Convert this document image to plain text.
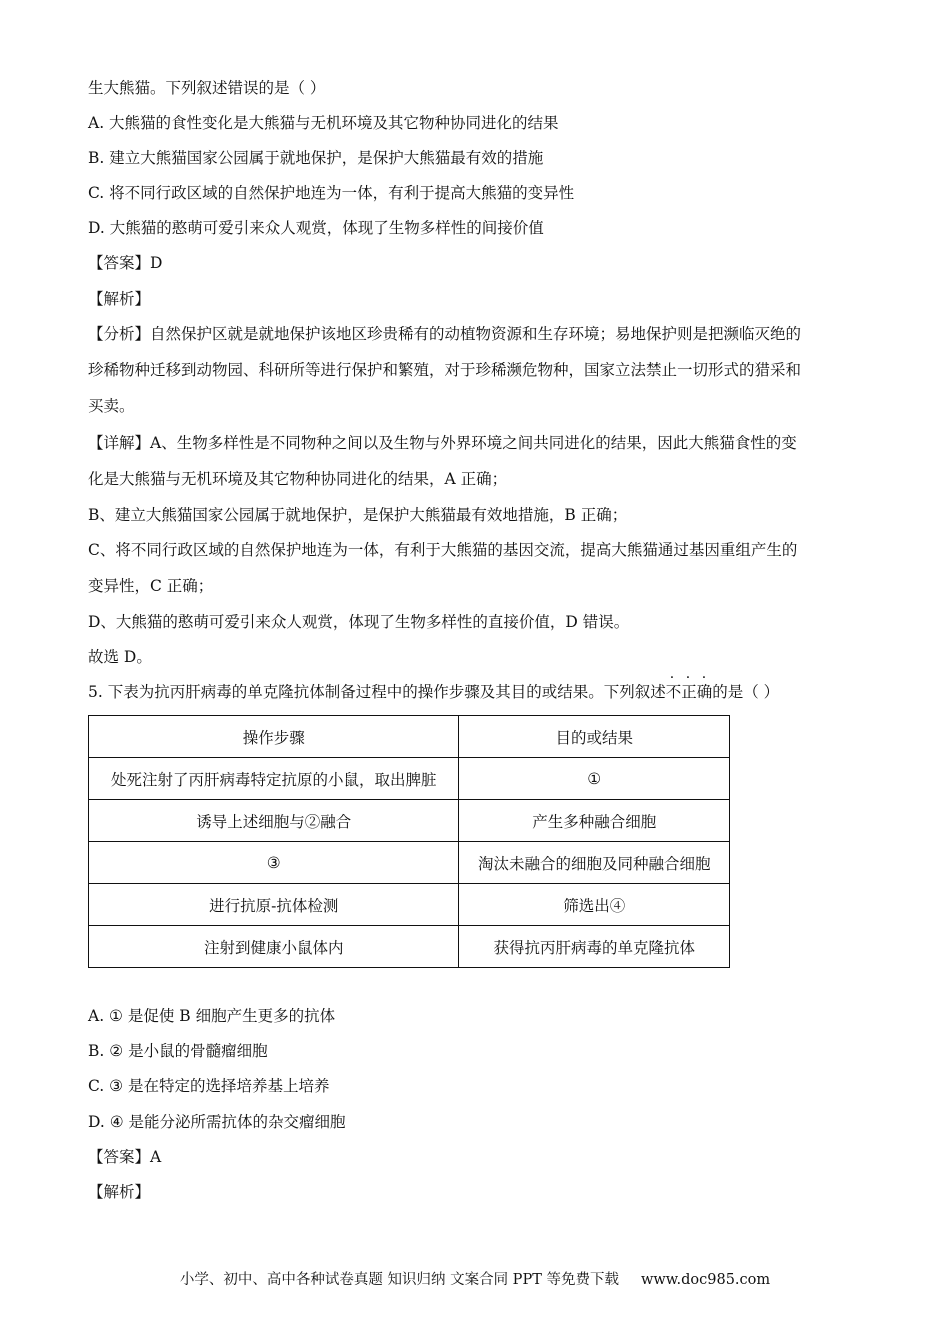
生大熊猫。下列叙述错误的是（ ）
A. 大熊猫的食性变化是大熊猫与无机环境及其它物种协同进化的结果
B. 建立大熊猫国家公园属于就地保护，是保护大熊猫最有效的措施
C. 将不同行政区域的自然保护地连为一体，有利于提高大熊猫的变异性
D. 大熊猫的憨萌可爱引来众人观赏，体现了生物多样性的间接价值
【答案】D
【解析】
【分析】自然保护区就是就地保护该地区珍贵稀有的动植物资源和生存环境；易地保护则是把濒临灭绝的
珍稀物种迁移到动物园、科研所等进行保护和繁殖，对于珍稀濒危物种，国家立法禁止一切形式的猎采和
买卖。
【详解】A、生物多样性是不同物种之间以及生物与外界环境之间共同进化的结果，因此大熊猫食性的变
化是大熊猫与无机环境及其它物种协同进化的结果，A 正确；
B、建立大熊猫国家公园属于就地保护，是保护大熊猫最有效地措施，B 正确；
C、将不同行政区域的自然保护地连为一体，有利于大熊猫的基因交流，提高大熊猫通过基因重组产生的
变异性，C 正确；
D、大熊猫的憨萌可爱引来众人观赏，体现了生物多样性的直接价值，D 错误。
故选 D。
5. 下表为抗丙肝病毒的单克隆抗体制备过程中的操作步骤及其目的或结果。下列叙述不正确
· · ·
的是（ ）
操作步骤	目的或结果
处死注射了丙肝病毒特定抗原的小鼠，取出脾脏	①
诱导上述细胞与②融合	产生多种融合细胞
③	淘汰未融合的细胞及同种融合细胞
进行抗原-抗体检测	筛选出④
注射到健康小鼠体内	获得抗丙肝病毒的单克隆抗体
A. ① 是促使 B 细胞产生更多的抗体
B. ② 是小鼠的骨髓瘤细胞
C. ③ 是在特定的选择培养基上培养
D. ④ 是能分泌所需抗体的杂交瘤细胞
【答案】A
【解析】
小学、初中、高中各种试卷真题 知识归纳 文案合同 PPT 等免费下载 www.doc985.com
